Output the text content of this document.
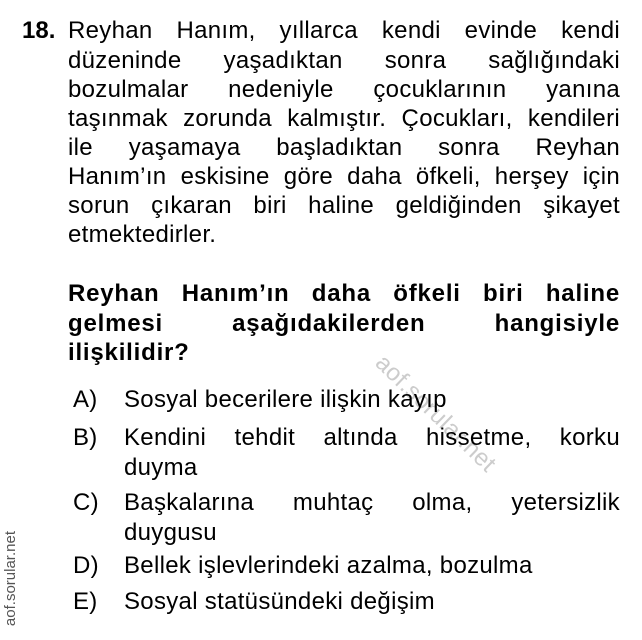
aof.sorular.net
aof.sorular.net
18. Reyhan Hanım, yıllarca kendi evinde kendi
düzeninde yaşadıktan sonra sağlığındaki
bozulmalar nedeniyle çocuklarının yanına
taşınmak zorunda kalmıştır. Çocukları, kendileri
ile yaşamaya başladıktan sonra Reyhan
Hanım’ın eskisine göre daha öfkeli, herşey için
sorun çıkaran biri haline geldiğinden şikayet
etmektedirler.
Reyhan Hanım’ın daha öfkeli biri haline
gelmesi aşağıdakilerden hangisiyle
ilişkilidir?
A) Sosyal becerilere ilişkin kayıp
B) Kendini tehdit altında hissetme, korku
duyma
C) Başkalarına muhtaç olma, yetersizlik
duygusu
D) Bellek işlevlerindeki azalma, bozulma
E) Sosyal statüsündeki değişim
